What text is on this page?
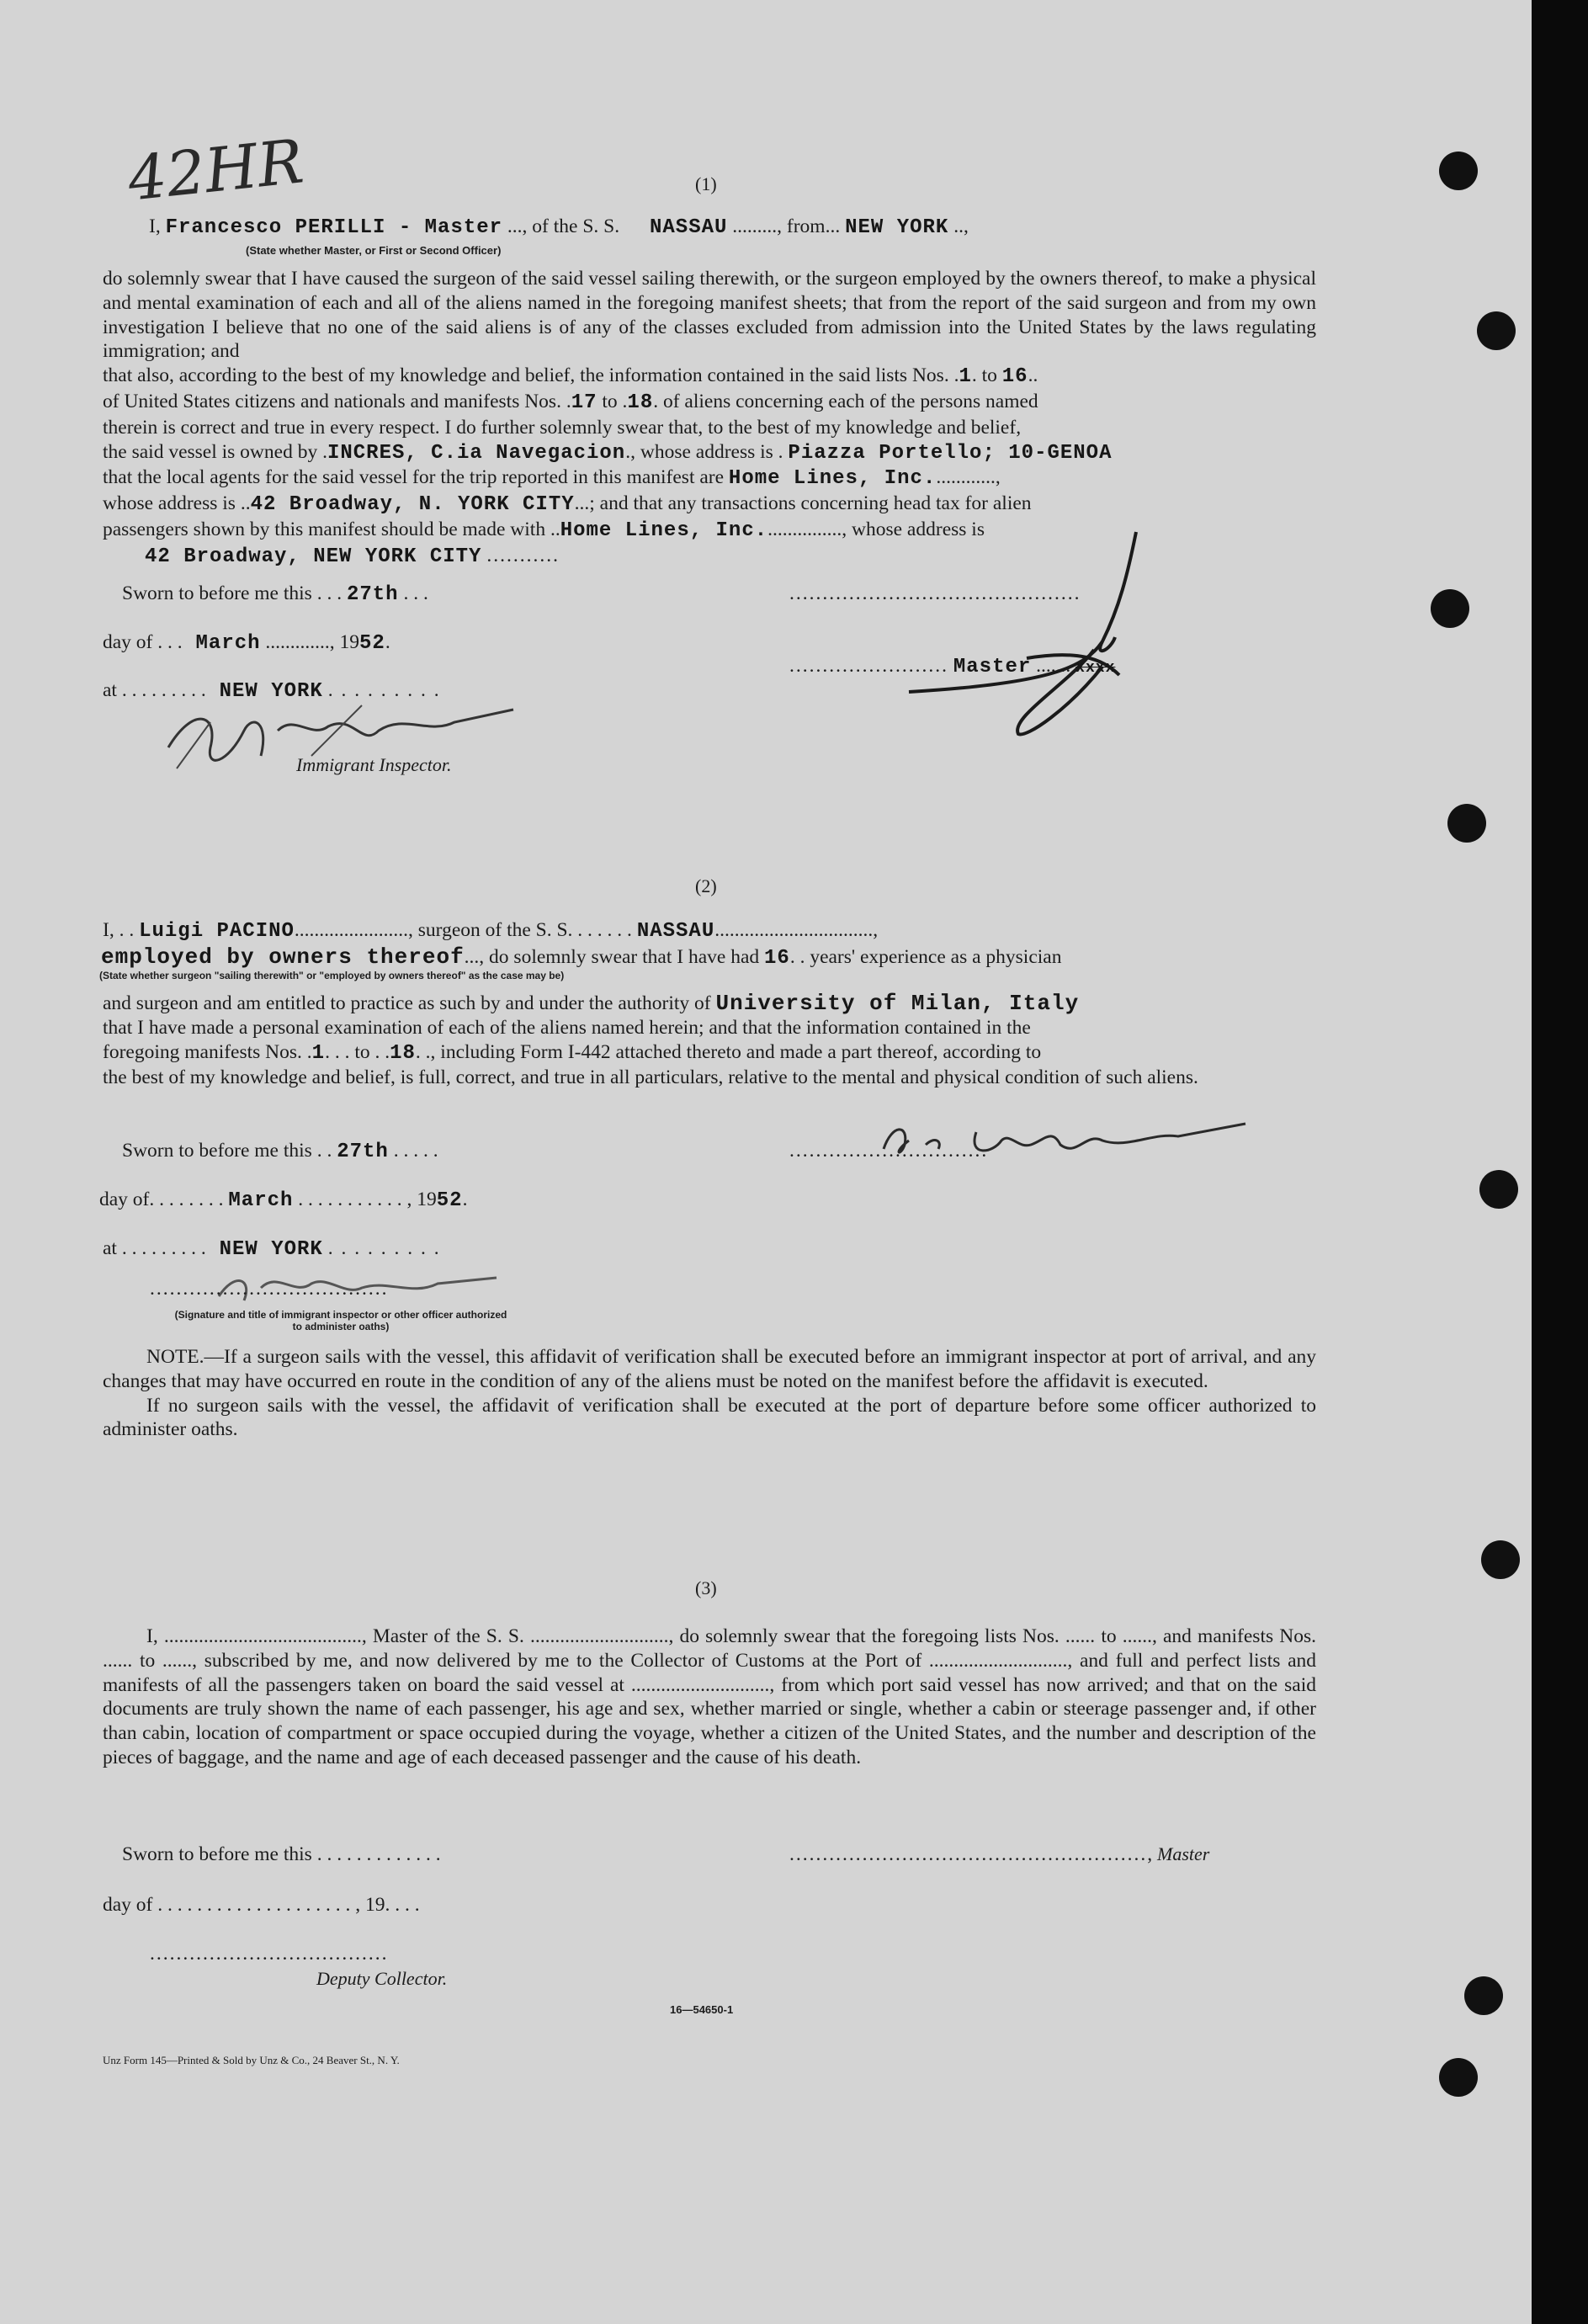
42HR	(1)
I, Francesco PERILLI - Master ..., of the S. S. NASSAU ........., from... NEW YORK ..,
(State whether Master, or First or Second Officer)

do solemnly swear that I have caused the surgeon of the said vessel sailing therewith, or the surgeon employed by the owners thereof, to make a physical and mental examination of each and all of the aliens named in the foregoing manifest sheets; that from the report of the said surgeon and from my own investigation I believe that no one of the said aliens is of any of the classes excluded from admission into the United States by the laws regulating immigration; and

that also, according to the best of my knowledge and belief, the information contained in the said lists Nos. .1. to 16..

of United States citizens and nationals and manifests Nos. .17 to .18. of aliens concerning each of the persons named

therein is correct and true in every respect. I do further solemnly swear that, to the best of my knowledge and belief,

the said vessel is owned by .INCRES, C.ia Navegacion., whose address is . Piazza Portello; 10-GENOA

that the local agents for the said vessel for the trip reported in this manifest are Home Lines, Inc.............,

whose address is ..42 Broadway, N. YORK CITY...; and that any transactions concerning head tax for alien

passengers shown by this manifest should be made with ..Home Lines, Inc................, whose address is

42 Broadway, NEW YORK CITY ...........

Sworn to before me this . . . 27th . . .
day of . . . March ............., 1952.
at . . . . . . . . . NEW YORK . . . . . . . . .
Immigrant Inspector.
............................................
........................ Master ....... xxxx
(2)
I, . . Luigi PACINO......................., surgeon of the S. S. . . . . . . NASSAU................................,
employed by owners thereof..., do solemnly swear that I have had 16. . years' experience as a physician
(State whether surgeon "sailing therewith" or "employed by owners thereof" as the case may be)

and surgeon and am entitled to practice as such by and under the authority of University of Milan, Italy

that I have made a personal examination of each of the aliens named herein; and that the information contained in the

foregoing manifests Nos. .1. . . to . .18. ., including Form I-442 attached thereto and made a part thereof, according to

the best of my knowledge and belief, is full, correct, and true in all particulars, relative to the mental and physical condition of such aliens.

Sworn to before me this . . 27th . . . . .	..............................
day of. . . . . . . . March . . . . . . . . . . . , 1952.
at . . . . . . . . . NEW YORK . . . . . . . . .
....................................
(Signature and title of immigrant inspector or other officer authorized to administer oaths)

NOTE.—If a surgeon sails with the vessel, this affidavit of verification shall be executed before an immigrant inspector at port of arrival, and any changes that may have occurred en route in the condition of any of the aliens must be noted on the manifest before the affidavit is executed.

If no surgeon sails with the vessel, the affidavit of verification shall be executed at the port of departure before some officer authorized to administer oaths.

(3)

I, ........................................, Master of the S. S. ............................, do solemnly swear that the foregoing lists Nos. ...... to ......, and manifests Nos. ...... to ......, subscribed by me, and now delivered by me to the Collector of Customs at the Port of ............................, and full and perfect lists and manifests of all the passengers taken on board the said vessel at ............................, from which port said vessel has now arrived; and that on the said documents are truly shown the name of each passenger, his age and sex, whether married or single, whether a cabin or steerage passenger and, if other than cabin, location of compartment or space occupied during the voyage, whether a citizen of the United States, and the number and description of the pieces of baggage, and the name and age of each deceased passenger and the cause of his death.

Sworn to before me this . . . . . . . . . . . . .	......................................................, Master
day of . . . . . . . . . . . . . . . . . . . . , 19. . . .
....................................
Deputy Collector.
16—54650-1
Unz Form 145—Printed & Sold by Unz & Co., 24 Beaver St., N. Y.
